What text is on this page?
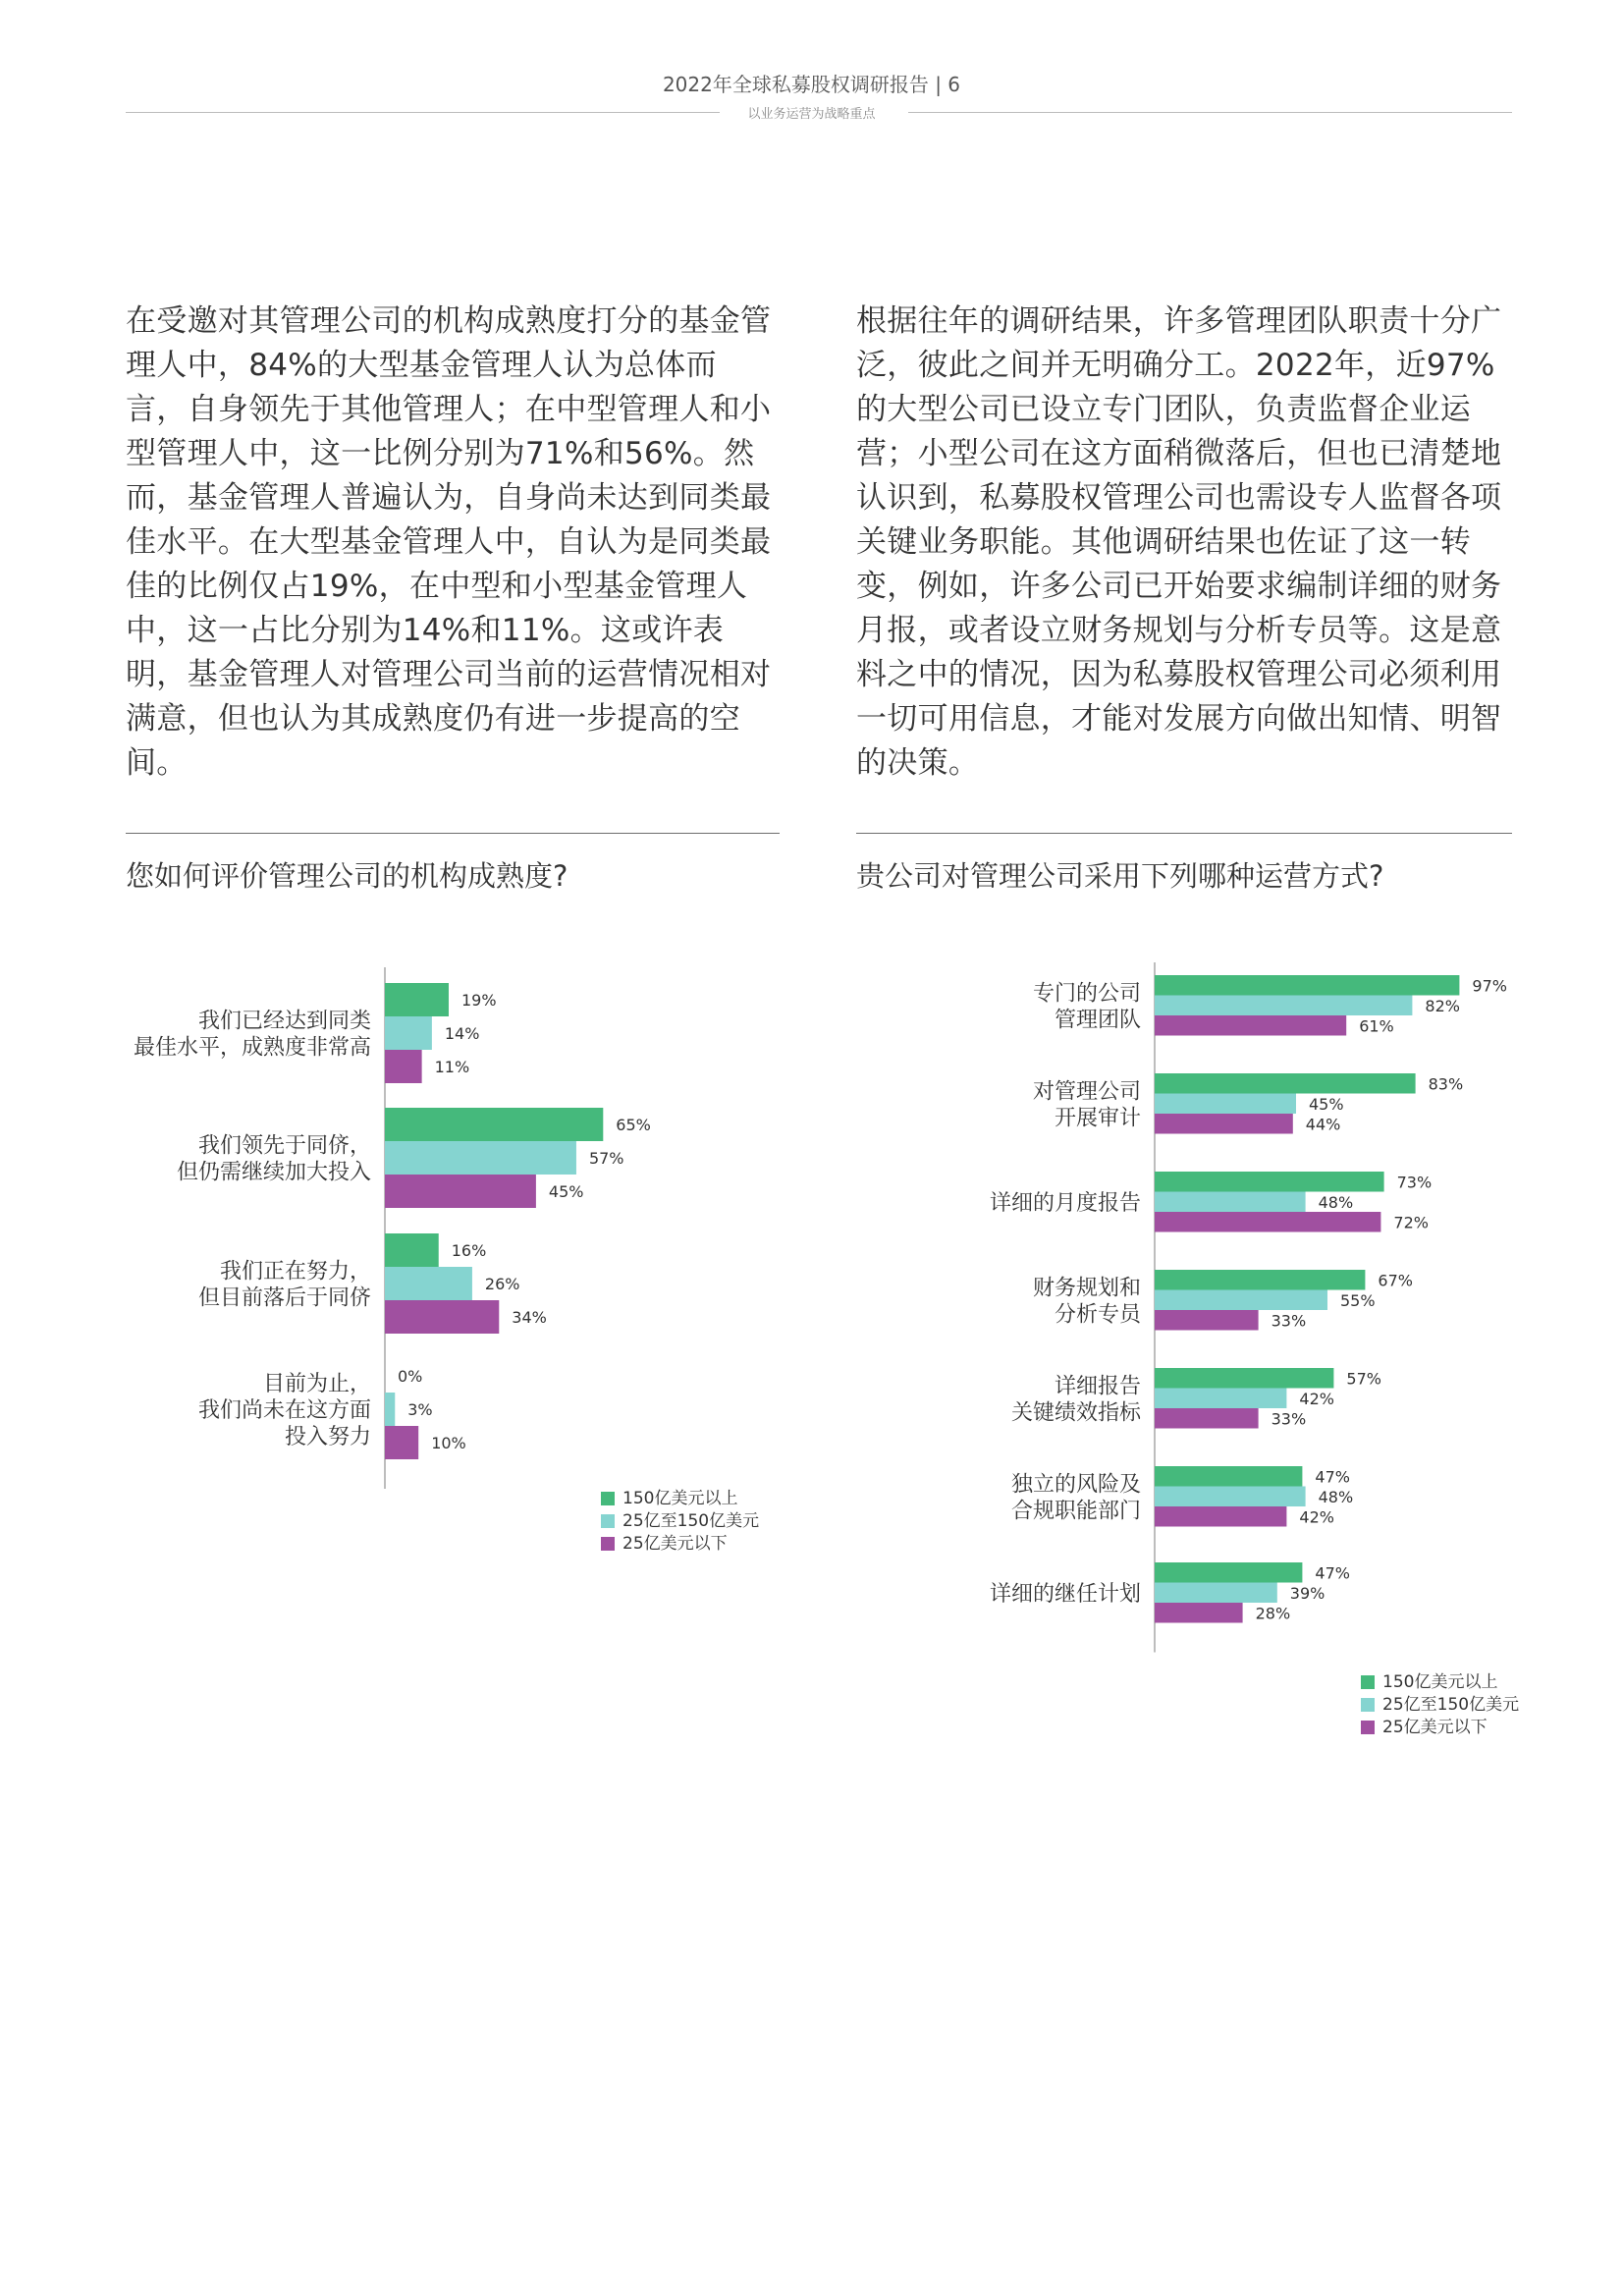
2022年全球私募股权调研报告 | 6
以业务运营为战略重点
在受邀对其管理公司的机构成熟度打分的基金管理人中，84%的大型基金管理人认为总体而言，自身领先于其他管理人；在中型管理人和小型管理人中，这一比例分别为71%和56%。然而，基金管理人普遍认为，自身尚未达到同类最佳水平。在大型基金管理人中，自认为是同类最佳的比例仅占19%，在中型和小型基金管理人中，这一占比分别为14%和11%。这或许表明，基金管理人对管理公司当前的运营情况相对满意，但也认为其成熟度仍有进一步提高的空间。
根据往年的调研结果，许多管理团队职责十分广泛，彼此之间并无明确分工。2022年，近97%的大型公司已设立专门团队，负责监督企业运营；小型公司在这方面稍微落后，但也已清楚地认识到，私募股权管理公司也需设专人监督各项关键业务职能。其他调研结果也佐证了这一转变，例如，许多公司已开始要求编制详细的财务月报，或者设立财务规划与分析专员等。这是意料之中的情况，因为私募股权管理公司必须利用一切可用信息，才能对发展方向做出知情、明智的决策。
您如何评价管理公司的机构成熟度?	贵公司对管理公司采用下列哪种运营方式?
我们已经达到同类
最佳水平，成熟度非常高
19%
14%
11%
我们领先于同侪，
但仍需继续加大投入
65%
57%
45%
我们正在努力，
但目前落后于同侪
16%
26%
34%
目前为止，
我们尚未在这方面
投入努力
0%
3%
10%
150亿美元以上
25亿至150亿美元
25亿美元以下
专门的公司
管理团队
97%
82%
61%
对管理公司
开展审计
83%
45%
44%
详细的月度报告
73%
48%
72%
财务规划和
分析专员
67%
55%
33%
详细报告
关键绩效指标
57%
42%
33%
独立的风险及
合规职能部门
47%
48%
42%
详细的继任计划
47%
39%
28%
150亿美元以上
25亿至150亿美元
25亿美元以下
